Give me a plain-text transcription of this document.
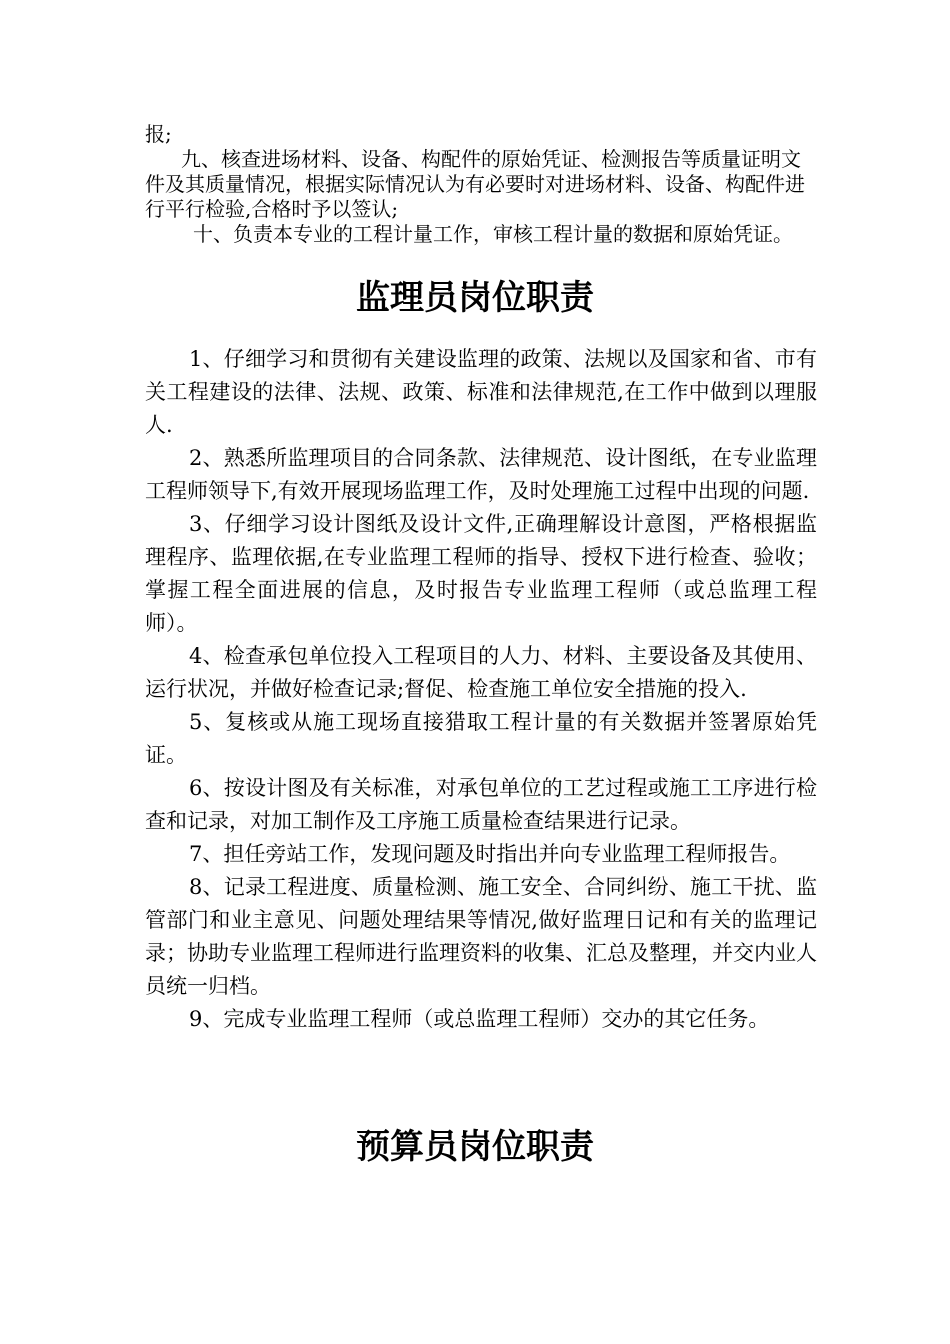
报;

九、核查进场材料、设备、构配件的原始凭证、检测报告等质量证明文件及其质量情况，根据实际情况认为有必要时对进场材料、设备、构配件进行平行检验,合格时予以签认;

十、负责本专业的工程计量工作，审核工程计量的数据和原始凭证。

监理员岗位职责

1、仔细学习和贯彻有关建设监理的政策、法规以及国家和省、市有关工程建设的法律、法规、政策、标准和法律规范,在工作中做到以理服人.

2、熟悉所监理项目的合同条款、法律规范、设计图纸，在专业监理工程师领导下,有效开展现场监理工作，及时处理施工过程中出现的问题.

3、仔细学习设计图纸及设计文件,正确理解设计意图，严格根据监理程序、监理依据,在专业监理工程师的指导、授权下进行检查、验收；掌握工程全面进展的信息，及时报告专业监理工程师（或总监理工程师）。

4、检查承包单位投入工程项目的人力、材料、主要设备及其使用、运行状况，并做好检查记录;督促、检查施工单位安全措施的投入.

5、复核或从施工现场直接猎取工程计量的有关数据并签署原始凭证。

6、按设计图及有关标准，对承包单位的工艺过程或施工工序进行检查和记录，对加工制作及工序施工质量检查结果进行记录。

7、担任旁站工作，发现问题及时指出并向专业监理工程师报告。

8、记录工程进度、质量检测、施工安全、合同纠纷、施工干扰、监管部门和业主意见、问题处理结果等情况,做好监理日记和有关的监理记录；协助专业监理工程师进行监理资料的收集、汇总及整理，并交内业人员统一归档。

9、完成专业监理工程师（或总监理工程师）交办的其它任务。

预算员岗位职责
